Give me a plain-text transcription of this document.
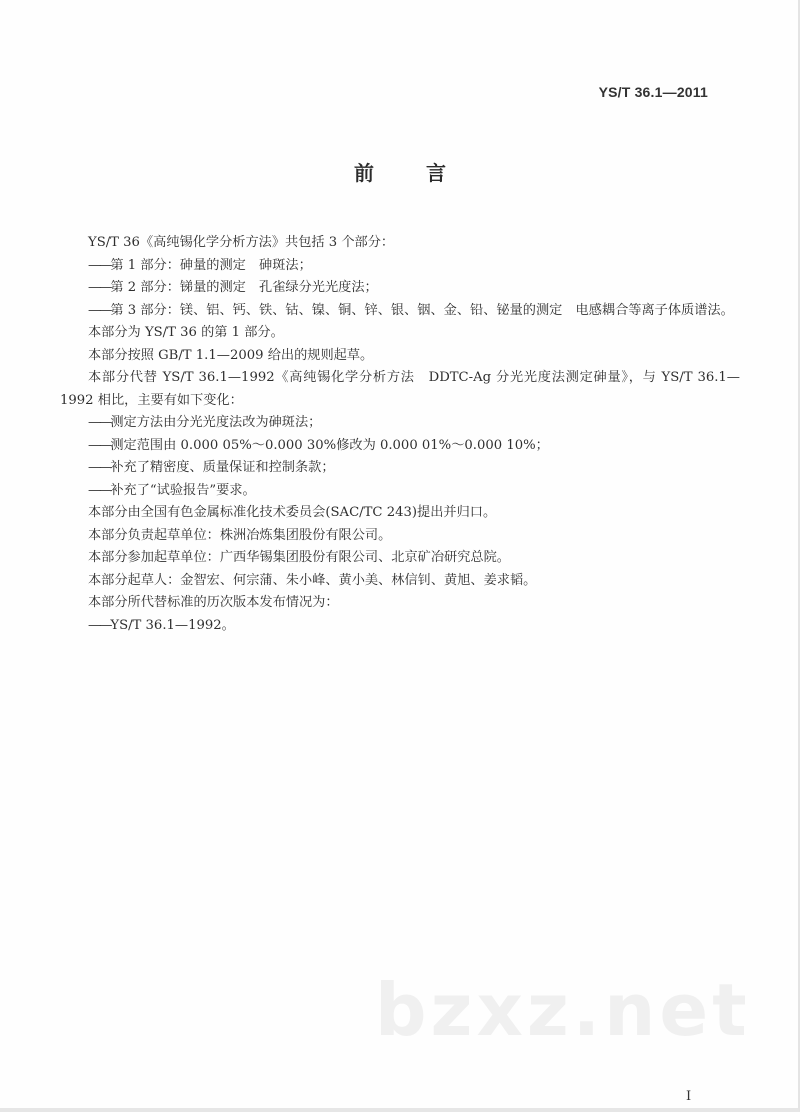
YS/T 36.1—2011
前	言

YS/T 36《高纯锡化学分析方法》共包括 3 个部分：

——第 1 部分：砷量的测定　砷斑法；

——第 2 部分：锑量的测定　孔雀绿分光光度法；

——第 3 部分：镁、铝、钙、铁、钴、镍、铜、锌、银、铟、金、铅、铋量的测定　电感耦合等离子体质谱法。

本部分为 YS/T 36 的第 1 部分。

本部分按照 GB/T 1.1—2009 给出的规则起草。

本部分代替 YS/T 36.1—1992《高纯锡化学分析方法　DDTC-Ag 分光光度法测定砷量》，与 YS/T 36.1—1992 相比，主要有如下变化：

——测定方法由分光光度法改为砷斑法；

——测定范围由 0.000 05%～0.000 30%修改为 0.000 01%～0.000 10%；

——补充了精密度、质量保证和控制条款；

——补充了“试验报告”要求。

本部分由全国有色金属标准化技术委员会(SAC/TC 243)提出并归口。

本部分负责起草单位：株洲冶炼集团股份有限公司。

本部分参加起草单位：广西华锡集团股份有限公司、北京矿冶研究总院。

本部分起草人：金智宏、何宗蒲、朱小峰、黄小美、林信钊、黄旭、姜求韬。

本部分所代替标准的历次版本发布情况为：

——YS/T 36.1—1992。

bzxz.net
I
